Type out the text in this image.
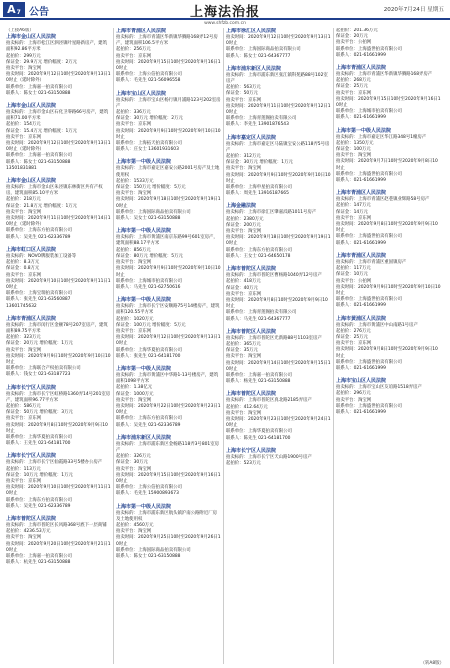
A 7 公告	上海法治报	2020年7月24日 星期五
www.shfzb.com.cn
（上接A6版）
上海市金山区人民法院
拍卖标的：上海市松江区泗泾镇叶星路新房产，建筑面积92.86平方米
起拍价：299万元
保证金：29.9万元 增价幅度：2万元
拍卖平台：淘宝网
拍卖时间：2020年9月12日10时至2020年9月13日10时止（延时除外）
联系单位：上海嘉一拍卖有限公司
联系人：陈女士 021-63150888
上海市金山区人民法院
拍卖标的：上海市金山区石化卫零路66号房产，建筑面积71.00平方米
起拍价：154万元
保证金：15.4万元 增价幅度：1万元
拍卖平台：京东网
拍卖时间：2020年9月12日10时至2020年9月13日10时止（延时除外）
联系单位：上海嘉一拍卖有限公司
联系人：陈女士 021-63150888
13501831881
上海市金山区人民法院
拍卖标的：上海市金山区朱泾镇东林街区共有产权房，建筑面积85.10平方米
起拍价：218万元
保证金：21.8万元 增价幅度：1万元
拍卖平台：淘宝网
拍卖时间：2020年9月11日10时至2020年9月14日10时止（延时除外）
联系单位：上海东方拍卖有限公司
联系人：吴先生 021-62336789
上海市虹口区人民法院
拍卖标的：NOVO牌服装加工设备等
起拍价：8.3万元
保证金：0.8万元
拍卖平台：京东网
拍卖时间：2020年9月10日10时至2020年9月11日10时止
联系单位：上海宝瑞拍卖有限公司
联系人：张先生 021-63560887
13601745632
上海市青浦区人民法院
拍卖标的：上海市闵行区金额78号207室房产，建筑面积89.75平方米
起拍价：323万元
保证金：20万元 增价幅度：1万元
拍卖平台：淘宝网
拍卖时间：2020年9月9日10时至2020年9月10日10时止
联系单位：上海联合产权拍卖有限公司
联系人：钱女士 021-63187723
上海市长宁区人民法院
拍卖标的：上海市长宁区虹桥路1360弄14号201室房产，建筑面积96.77平方米
起拍价：586万元
保证金：50万元 增价幅度：3万元
拍卖平台：京东网
拍卖时间：2020年9月8日10时至2020年9月9日10时止
联系单位：上海华夏拍卖有限公司
联系人：王先生 021-64181700
上海市长宁区人民法院
拍卖标的：上海市长宁区仙霞路33号5楼办公房产
起拍价：113万元
保证金：10万元 增价幅度：1万元
拍卖平台：京东网
拍卖时间：2020年9月10日10时至2020年9月11日10时止
联系单位：上海东方拍卖有限公司
联系人：吴先生 021-62336789
上海市普陀区人民法院
拍卖标的：上海市普陀区长风路368号底下一层商铺
起拍价：4236.53万元
拍卖平台：淘宝网
拍卖时间：2020年9月20日10时至2020年9月21日10时止
联系单位：上海嘉一拍卖有限公司
联系人：杭先生 021-63150888
上海市青浦区人民法院
拍卖标的：上海市青浦区华新镇华腾路168弄12号房产，建筑面积106.5平方米
起拍价：256万元
拍卖平台：京东网
拍卖时间：2020年9月15日10时至2020年9月16日10时止
联系单位：上海公信拍卖有限公司
联系人：毛先生 021-56096558
上海市宝山区人民法院
拍卖标的：上海市宝山区杨行镇月浦路123号202室房产
起拍价：336万元
保证金：30万元 增价幅度：2万元
拍卖平台：京东网
拍卖时间：2020年9月9日10时至2020年9月10日10时止
联系单位：上海拓天拍卖有限公司
联系人：庄女士 13601931603
上海市第一中级人民法院
拍卖标的：上海市嘉定区嘉安公路2001号房产及土地使用权
起拍价：1533万元
保证金：150万元 增价幅度：5万元
拍卖平台：淘宝网
拍卖时间：2020年9月18日10时至2020年9月19日10时止
联系单位：上海国际商品拍卖有限公司
联系人：吴女士 021-63150888
上海市第一中级人民法院
拍卖标的：上海市黄浦区南京东路99号601室房产，建筑面积88.17平方米
起拍价：856万元
保证金：80万元 增价幅度：5万元
拍卖平台：淘宝网
拍卖时间：2020年9月9日10时至2020年9月10日10时止
联系单位：上海城市拍卖有限公司
联系人：马先生 021-62750616
上海市第一中级人民法院
拍卖标的：上海市长宁区安顺路75号14楼房产，建筑面积120.55平方米
起拍价：1020万元
保证金：100万元 增价幅度：5万元
拍卖平台：京东网
拍卖时间：2020年9月12日10时至2020年9月13日10时止
联系单位：上海华夏拍卖有限公司
联系人：张先生 021-64181700
上海市第一中级人民法院
拍卖标的：上海市黄浦区中华路1-13号楼房产，建筑面积1098平方米
起拍价：1.38亿元
保证金：1000万元
拍卖平台：淘宝网
拍卖时间：2020年9月22日10时至2020年9月23日10时止
联系单位：上海东方拍卖有限公司
联系人：吴先生 021-62336789
上海市浦东新区人民法院
拍卖标的：上海市浦东新区金杨路118弄3号801室房产
起拍价：326万元
保证金：30万元
拍卖平台：淘宝网
拍卖时间：2020年9月15日10时至2020年9月16日10时止
联系单位：上海公信拍卖有限公司
联系人：毛先生 15900893673
上海市第一中级人民法院
拍卖标的：上海市浦东新区航头镇沪南公路附近厂房及土地使用权
起拍价：4560万元
拍卖平台：淘宝网
拍卖时间：2020年9月25日10时至2020年9月26日10时止
联系单位：上海国际商品拍卖有限公司
联系人：陈女士 021-63150888
上海市徐汇区人民法院
拍卖时间：2020年9月12日10时至2020年9月13日10时止
联系单位：上海国际商品拍卖有限公司
联系人：陈女士 021-64367777
上海市浦东新区人民法院
拍卖标的：上海市浦东新区张江镇科苑路88号102室房产
起拍价：563万元
保证金：50万元
拍卖平台：京东网
拍卖时间：2020年9月11日10时至2020年9月12日10时止
联系单位：上海青莲阁拍卖有限公司
联系人：李先生 13901876543
上海市嘉定区人民法院
拍卖标的：上海市嘉定区马陆镇宝安公路118弄5号房产
起拍价：312万元
保证金：30万元 增价幅度：1万元
拍卖平台：淘宝网
拍卖时间：2020年9月9日10时至2020年9月10日10时止
联系单位：上海申星拍卖有限公司
联系人：周先生 13916187665
上海金融法院
拍卖标的：上海市徐汇区肇嘉浜路1011号房产
起拍价：2380万元
保证金：200万元
拍卖平台：淘宝网
拍卖时间：2020年9月18日10时至2020年9月19日10时止
联系单位：上海东方拍卖有限公司
联系人：王女士 021-64650178
上海市普陀区人民法院
拍卖标的：上海市普陀区曹杨路1040弄12号房产
起拍价：418万元
保证金：40万元
拍卖平台：京东网
拍卖时间：2020年9月8日10时至2020年9月9日10时止
联系单位：上海青莲阁拍卖有限公司
联系人：马先生 021-64367777
上海市普陀区人民法院
拍卖标的：上海市普陀区光新路88号1103室房产
起拍价：365万元
保证金：35万元
拍卖平台：淘宝网
拍卖时间：2020年9月14日10时至2020年9月15日10时止
联系单位：上海嘉一拍卖有限公司
联系人：杨先生 021-63150888
上海市普陀区人民法院
拍卖标的：上海市普陀区真北路2185弄房产
起拍价：412.64万元
拍卖平台：淘宝网
拍卖时间：2020年9月23日10时至2020年9月24日10时止
联系单位：上海华夏拍卖有限公司
联系人：陈先生 021-64181700
上海市长宁区人民法院
拍卖标的：上海市长宁区天山路1900号房产
起拍价：523万元
起拍价：201.36万元
保证金：20万元
拍卖平台：公拍网
联系单位：上海盛世拍卖有限公司
联系人：021-61661999
上海市青浦区人民法院
拍卖标的：上海市青浦区华新镇华腾路168弄房产
起拍价：268万元
保证金：25万元
拍卖平台：京东网
拍卖时间：2020年9月15日10时至2020年9月16日10时止
联系单位：上海城市拍卖有限公司
联系人：021-61661999
上海市第一中级人民法院
拍卖标的：上海市嘉定区华江路348号1幢房产
起拍价：1350万元
保证金：100万元
拍卖平台：淘宝网
拍卖时间：2020年9月7日10时至2020年9月8日10时止
联系单位：上海盛世拍卖有限公司
联系人：021-61661999
上海市青浦区人民法院
拍卖标的：上海市青浦区赵巷镇业辉路58号房产
起拍价：147万元
保证金：14万元
拍卖平台：京东网
拍卖时间：2020年9月8日10时至2020年9月9日10时止
联系单位：上海盛世拍卖有限公司
联系人：021-61661999
上海市青浦区人民法院
拍卖标的：上海市青浦区重固镇房产
起拍价：117万元
保证金：10万元
拍卖平台：公拍网
拍卖时间：2020年9月9日10时至2020年9月10日10时止
联系单位：上海盛世拍卖有限公司
联系人：021-61661999
上海市黄浦区人民法院
拍卖标的：上海市黄浦区中山南路1号房产
起拍价：276万元
保证金：25万元
拍卖平台：京东网
拍卖时间：2020年9月8日10时至2020年9月9日10时止
联系单位：上海盛世拍卖有限公司
联系人：021-61661999
上海市宝山区人民法院
拍卖标的：上海市宝山区友谊路1518弄房产
起拍价：296万元
拍卖平台：淘宝网
联系单位：上海盛世拍卖有限公司
联系人：021-61661999
（转A8版）
